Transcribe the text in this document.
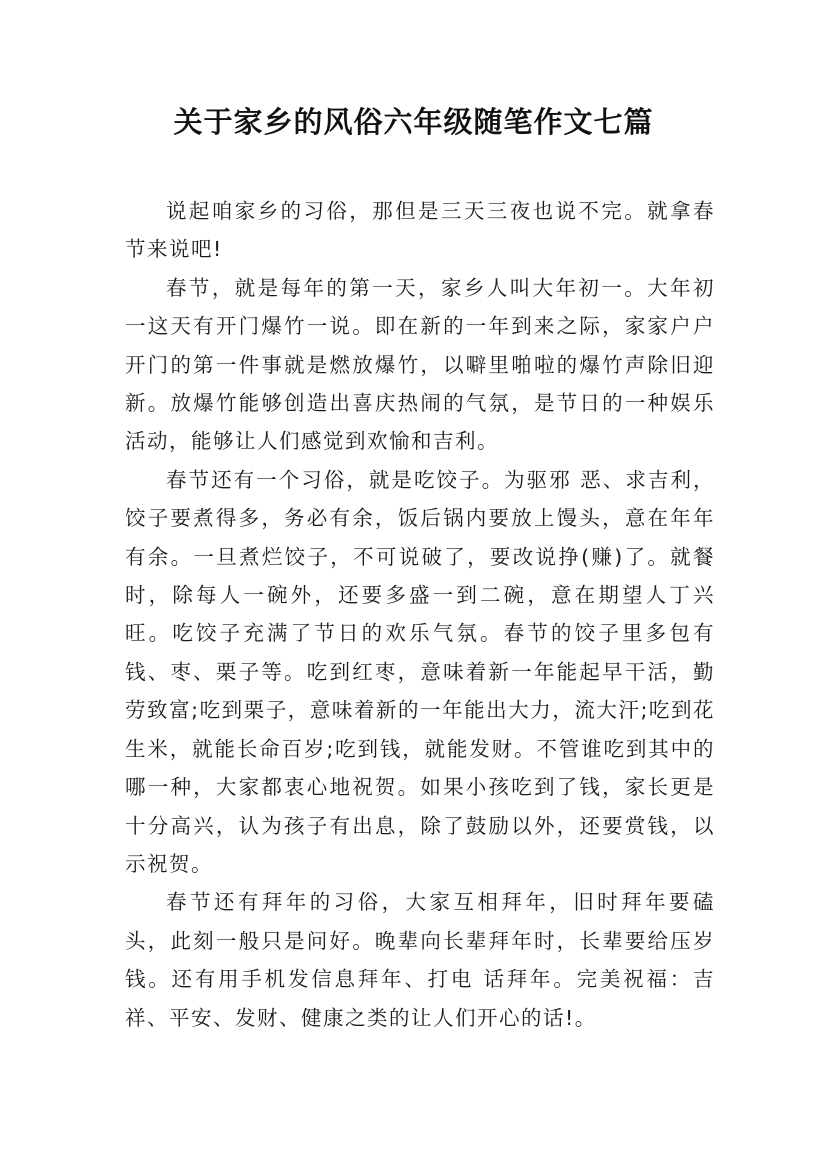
关于家乡的风俗六年级随笔作文七篇

说起咱家乡的习俗，那但是三天三夜也说不完。就拿春节来说吧!

春节，就是每年的第一天，家乡人叫大年初一。大年初一这天有开门爆竹一说。即在新的一年到来之际，家家户户开门的第一件事就是燃放爆竹，以噼里啪啦的爆竹声除旧迎新。放爆竹能够创造出喜庆热闹的气氛，是节日的一种娱乐活动，能够让人们感觉到欢愉和吉利。

春节还有一个习俗，就是吃饺子。为驱邪 恶、求吉利，饺子要煮得多，务必有余，饭后锅内要放上馒头，意在年年有余。一旦煮烂饺子，不可说破了，要改说挣(赚)了。就餐时，除每人一碗外，还要多盛一到二碗，意在期望人丁兴旺。吃饺子充满了节日的欢乐气氛。春节的饺子里多包有钱、枣、栗子等。吃到红枣，意味着新一年能起早干活，勤劳致富;吃到栗子，意味着新的一年能出大力，流大汗;吃到花生米，就能长命百岁;吃到钱，就能发财。不管谁吃到其中的哪一种，大家都衷心地祝贺。如果小孩吃到了钱，家长更是十分高兴，认为孩子有出息，除了鼓励以外，还要赏钱，以示祝贺。

春节还有拜年的习俗，大家互相拜年，旧时拜年要磕头，此刻一般只是问好。晚辈向长辈拜年时，长辈要给压岁钱。还有用手机发信息拜年、打电 话拜年。完美祝福：吉祥、平安、发财、健康之类的让人们开心的话!。
